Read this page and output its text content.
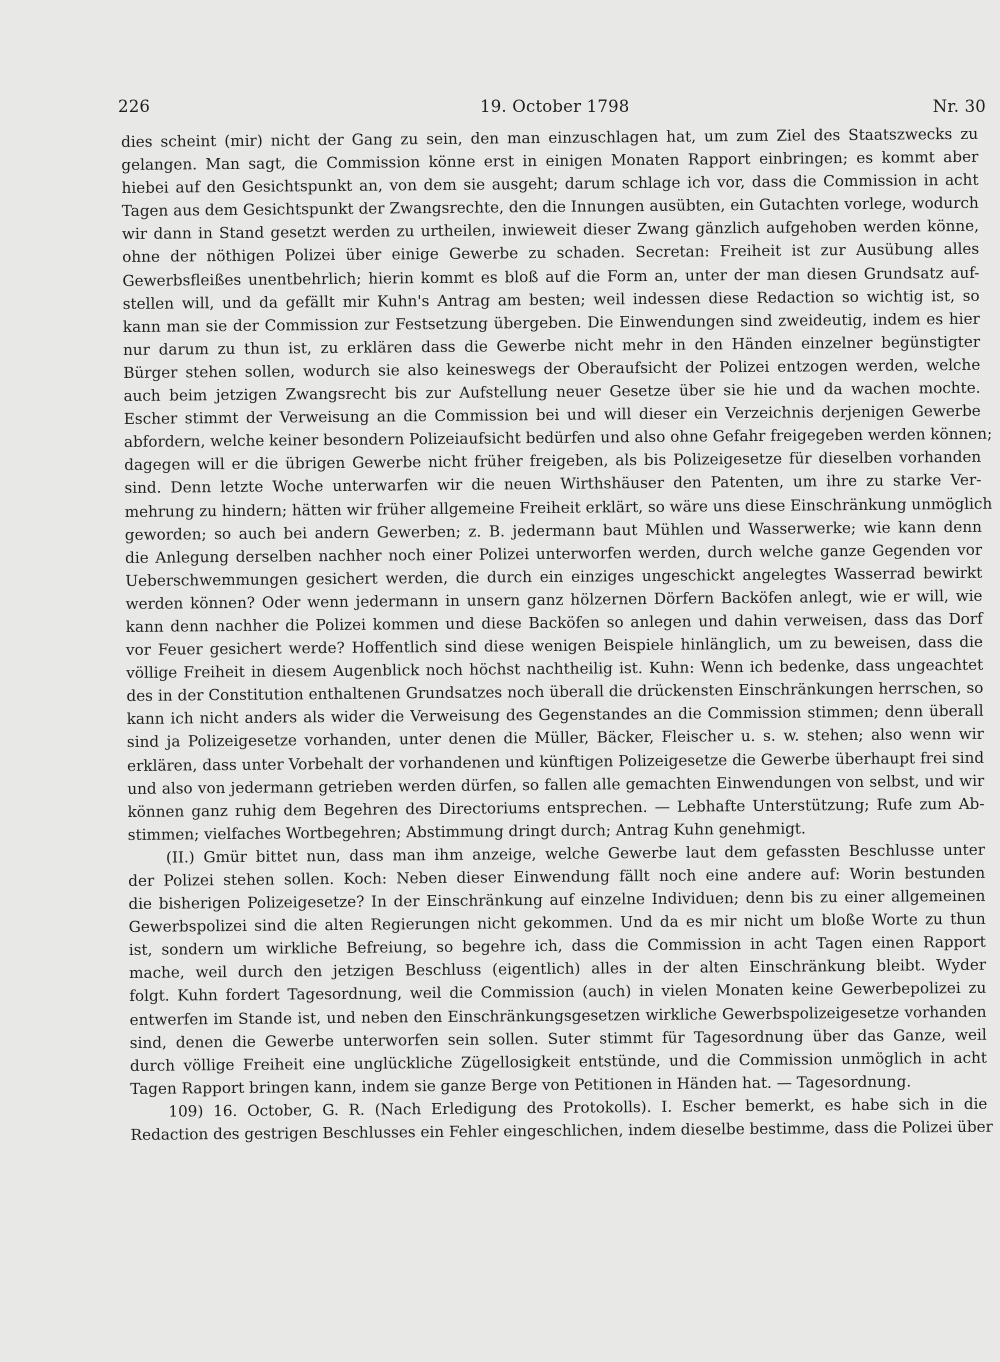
226	19. October 1798	Nr. 30
dies scheint (mir) nicht der Gang zu sein, den man einzuschlagen hat, um zum Ziel des Staatszwecks zu
gelangen. Man sagt, die Commission könne erst in einigen Monaten Rapport einbringen; es kommt aber
hiebei auf den Gesichtspunkt an, von dem sie ausgeht; darum schlage ich vor, dass die Commission in acht
Tagen aus dem Gesichtspunkt der Zwangsrechte, den die Innungen ausübten, ein Gutachten vorlege, wodurch
wir dann in Stand gesetzt werden zu urtheilen, inwieweit dieser Zwang gänzlich aufgehoben werden könne,
ohne der nöthigen Polizei über einige Gewerbe zu schaden. Secretan: Freiheit ist zur Ausübung alles
Gewerbsfleißes unentbehrlich; hierin kommt es bloß auf die Form an, unter der man diesen Grundsatz auf-
stellen will, und da gefällt mir Kuhn's Antrag am besten; weil indessen diese Redaction so wichtig ist, so
kann man sie der Commission zur Festsetzung übergeben. Die Einwendungen sind zweideutig, indem es hier
nur darum zu thun ist, zu erklären dass die Gewerbe nicht mehr in den Händen einzelner begünstigter
Bürger stehen sollen, wodurch sie also keineswegs der Oberaufsicht der Polizei entzogen werden, welche
auch beim jetzigen Zwangsrecht bis zur Aufstellung neuer Gesetze über sie hie und da wachen mochte.
Escher stimmt der Verweisung an die Commission bei und will dieser ein Verzeichnis derjenigen Gewerbe
abfordern, welche keiner besondern Polizeiaufsicht bedürfen und also ohne Gefahr freigegeben werden können;
dagegen will er die übrigen Gewerbe nicht früher freigeben, als bis Polizeigesetze für dieselben vorhanden
sind. Denn letzte Woche unterwarfen wir die neuen Wirthshäuser den Patenten, um ihre zu starke Ver-
mehrung zu hindern; hätten wir früher allgemeine Freiheit erklärt, so wäre uns diese Einschränkung unmöglich
geworden; so auch bei andern Gewerben; z. B. jedermann baut Mühlen und Wasserwerke; wie kann denn
die Anlegung derselben nachher noch einer Polizei unterworfen werden, durch welche ganze Gegenden vor
Ueberschwemmungen gesichert werden, die durch ein einziges ungeschickt angelegtes Wasserrad bewirkt
werden können? Oder wenn jedermann in unsern ganz hölzernen Dörfern Backöfen anlegt, wie er will, wie
kann denn nachher die Polizei kommen und diese Backöfen so anlegen und dahin verweisen, dass das Dorf
vor Feuer gesichert werde? Hoffentlich sind diese wenigen Beispiele hinlänglich, um zu beweisen, dass die
völlige Freiheit in diesem Augenblick noch höchst nachtheilig ist. Kuhn: Wenn ich bedenke, dass ungeachtet
des in der Constitution enthaltenen Grundsatzes noch überall die drückensten Einschränkungen herrschen, so
kann ich nicht anders als wider die Verweisung des Gegenstandes an die Commission stimmen; denn überall
sind ja Polizeigesetze vorhanden, unter denen die Müller, Bäcker, Fleischer u. s. w. stehen; also wenn wir
erklären, dass unter Vorbehalt der vorhandenen und künftigen Polizeigesetze die Gewerbe überhaupt frei sind
und also von jedermann getrieben werden dürfen, so fallen alle gemachten Einwendungen von selbst, und wir
können ganz ruhig dem Begehren des Directoriums entsprechen. — Lebhafte Unterstützung; Rufe zum Ab-
stimmen; vielfaches Wortbegehren; Abstimmung dringt durch; Antrag Kuhn genehmigt.
(II.) Gmür bittet nun, dass man ihm anzeige, welche Gewerbe laut dem gefassten Beschlusse unter
der Polizei stehen sollen. Koch: Neben dieser Einwendung fällt noch eine andere auf: Worin bestunden
die bisherigen Polizeigesetze? In der Einschränkung auf einzelne Individuen; denn bis zu einer allgemeinen
Gewerbspolizei sind die alten Regierungen nicht gekommen. Und da es mir nicht um bloße Worte zu thun
ist, sondern um wirkliche Befreiung, so begehre ich, dass die Commission in acht Tagen einen Rapport
mache, weil durch den jetzigen Beschluss (eigentlich) alles in der alten Einschränkung bleibt. Wyder
folgt. Kuhn fordert Tagesordnung, weil die Commission (auch) in vielen Monaten keine Gewerbepolizei zu
entwerfen im Stande ist, und neben den Einschränkungsgesetzen wirkliche Gewerbspolizeigesetze vorhanden
sind, denen die Gewerbe unterworfen sein sollen. Suter stimmt für Tagesordnung über das Ganze, weil
durch völlige Freiheit eine unglückliche Zügellosigkeit entstünde, und die Commission unmöglich in acht
Tagen Rapport bringen kann, indem sie ganze Berge von Petitionen in Händen hat. — Tagesordnung.
109) 16. October, G. R. (Nach Erledigung des Protokolls). I. Escher bemerkt, es habe sich in die
Redaction des gestrigen Beschlusses ein Fehler eingeschlichen, indem dieselbe bestimme, dass die Polizei über
